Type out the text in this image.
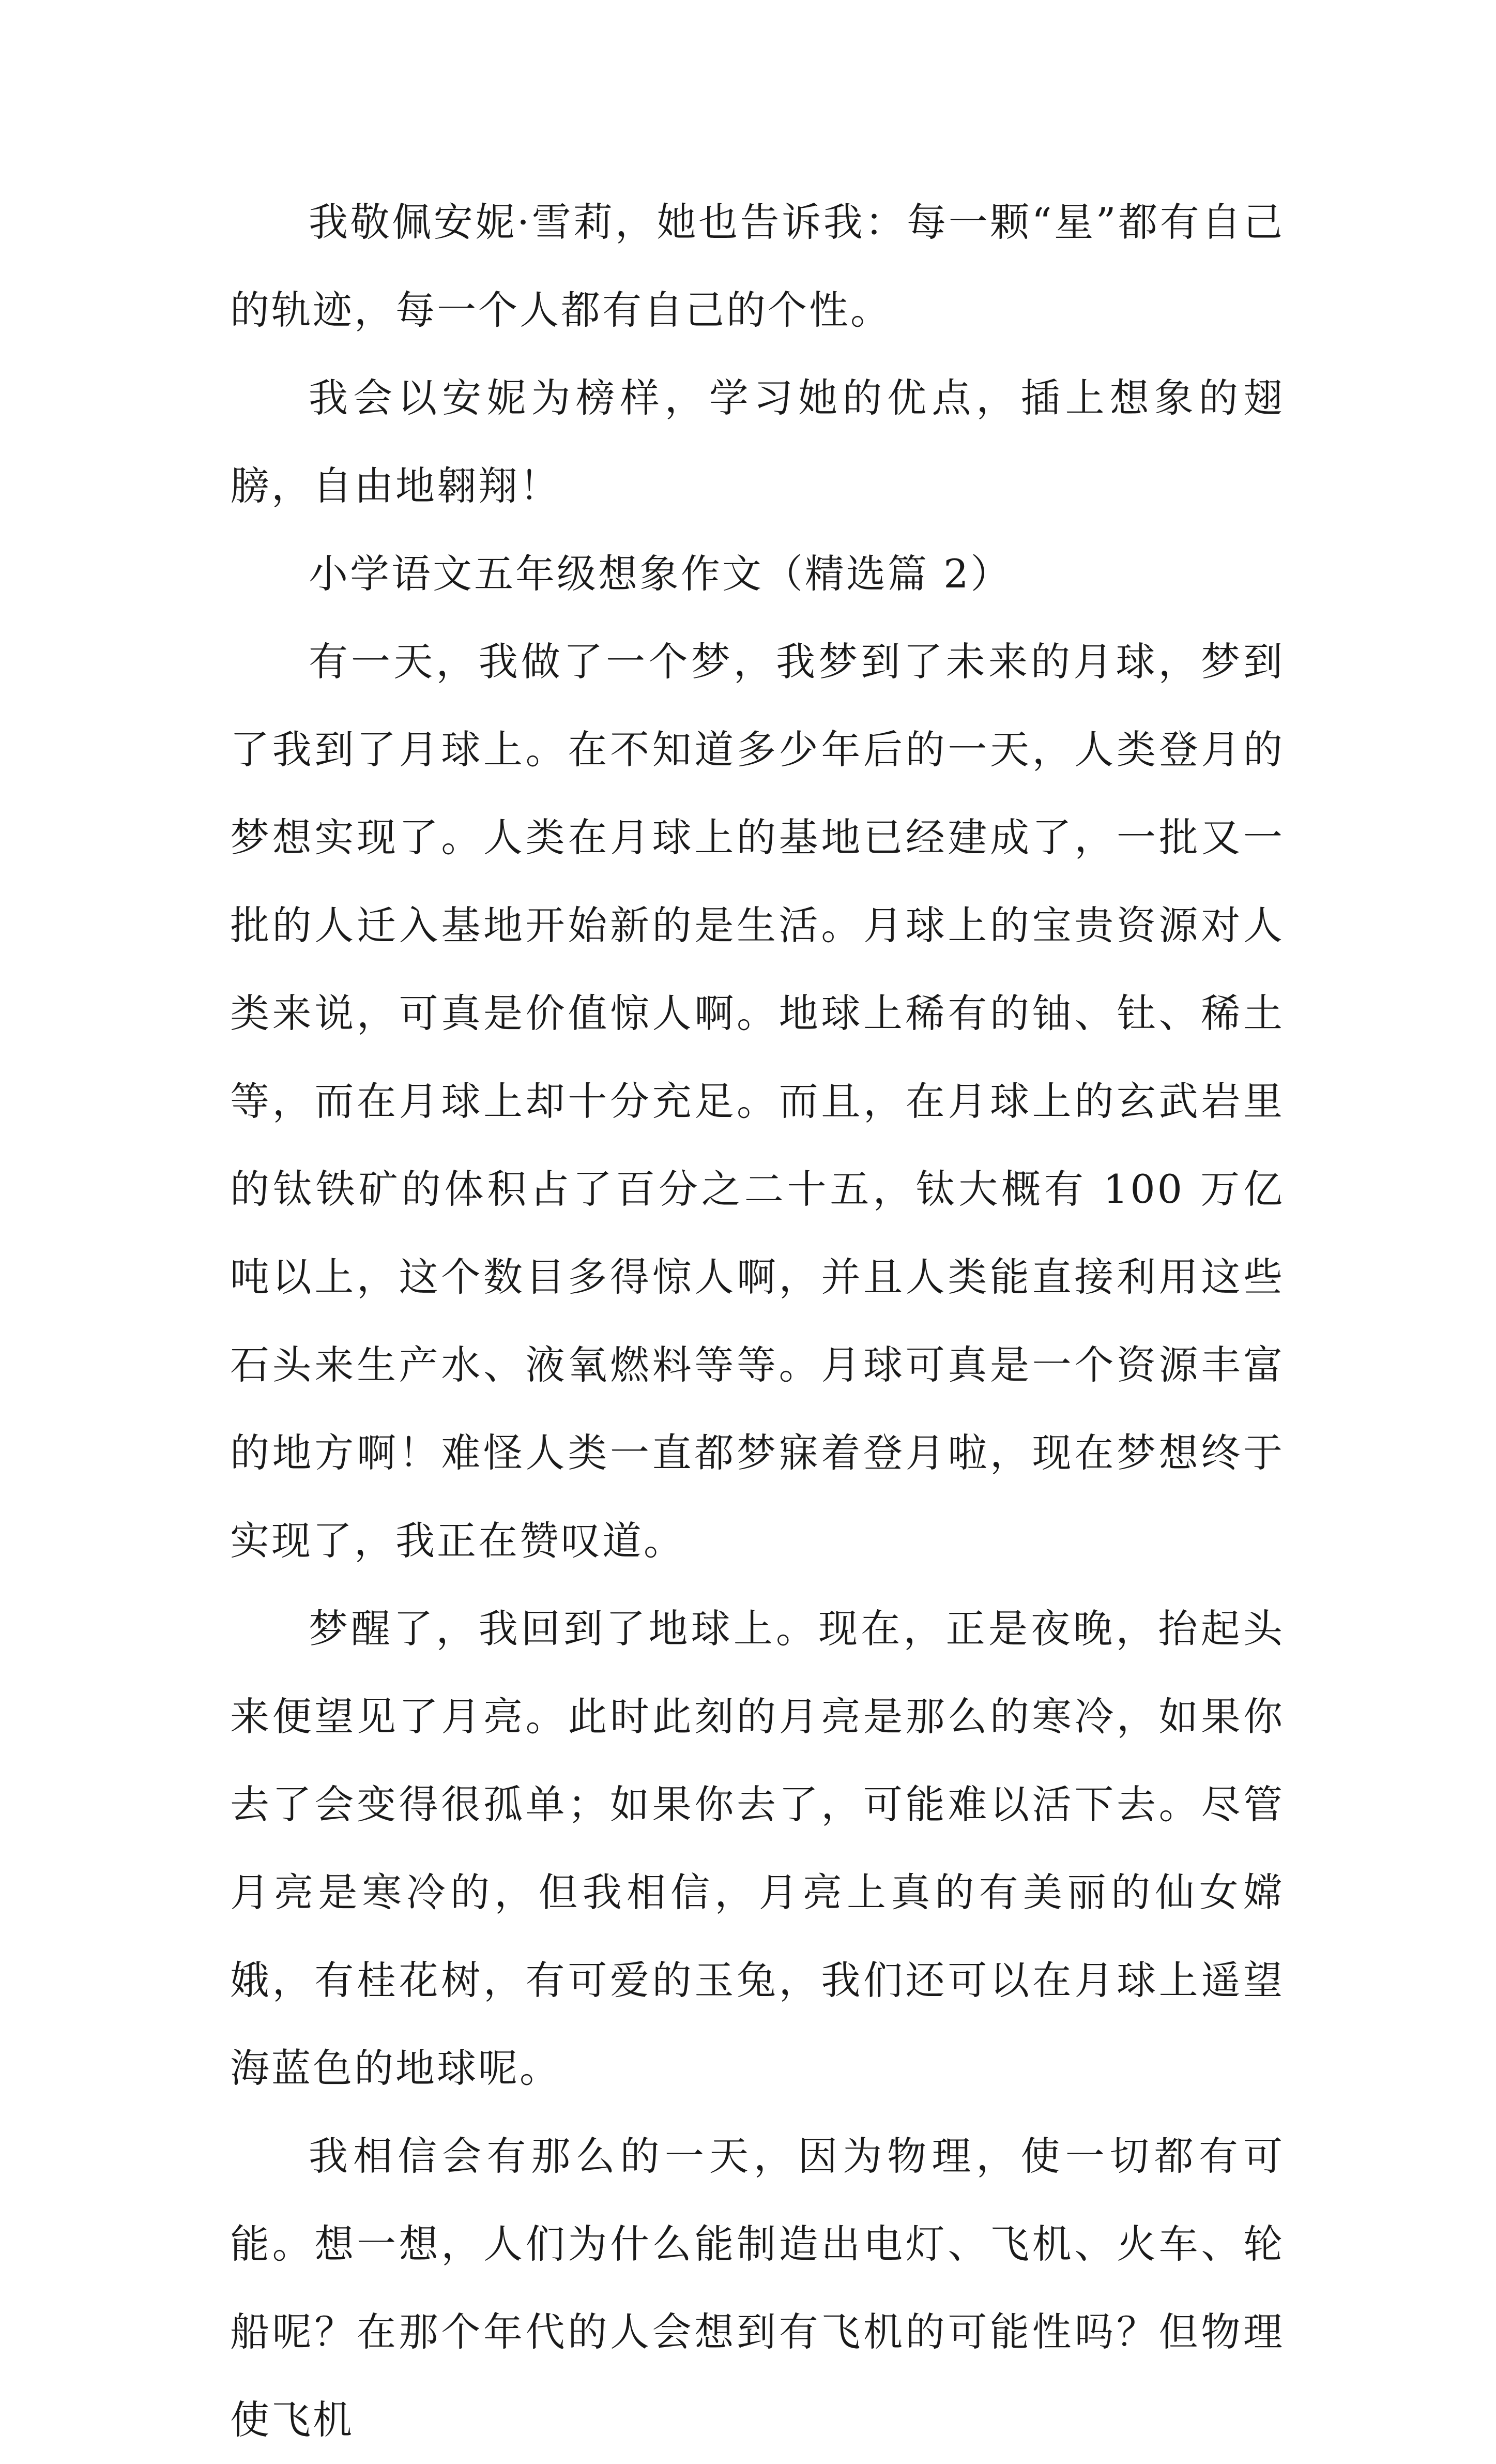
我敬佩安妮·雪莉，她也告诉我：每一颗“星”都有自己的轨迹，每一个人都有自己的个性。

我会以安妮为榜样，学习她的优点，插上想象的翅膀，自由地翱翔！

小学语文五年级想象作文（精选篇 2）

有一天，我做了一个梦，我梦到了未来的月球，梦到了我到了月球上。在不知道多少年后的一天，人类登月的梦想实现了。人类在月球上的基地已经建成了，一批又一批的人迁入基地开始新的是生活。月球上的宝贵资源对人类来说，可真是价值惊人啊。地球上稀有的铀、钍、稀土等，而在月球上却十分充足。而且，在月球上的玄武岩里的钛铁矿的体积占了百分之二十五，钛大概有 100 万亿吨以上，这个数目多得惊人啊，并且人类能直接利用这些石头来生产水、液氧燃料等等。月球可真是一个资源丰富的地方啊！难怪人类一直都梦寐着登月啦，现在梦想终于实现了，我正在赞叹道。

梦醒了，我回到了地球上。现在，正是夜晚，抬起头来便望见了月亮。此时此刻的月亮是那么的寒冷，如果你去了会变得很孤单；如果你去了，可能难以活下去。尽管月亮是寒冷的，但我相信，月亮上真的有美丽的仙女嫦娥，有桂花树，有可爱的玉兔，我们还可以在月球上遥望海蓝色的地球呢。

我相信会有那么的一天，因为物理，使一切都有可能。想一想，人们为什么能制造出电灯、飞机、火车、轮船呢？在那个年代的人会想到有飞机的可能性吗？但物理使飞机
